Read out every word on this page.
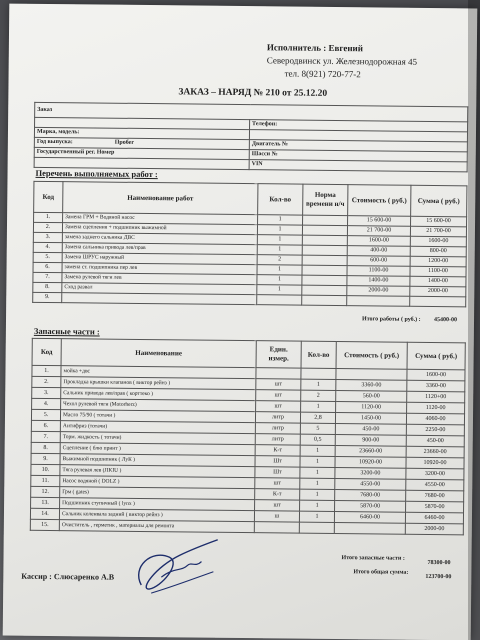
Исполнитель : Евгений
Северодвинск ул. Железнодорожная 45
тел. 8(921) 720-77-2
ЗАКАЗ – НАРЯД № 210 от 25.12.20
Заказ	
	Телефон:
Марка, модель:	
Год выпуска: Пробег	Двигатель №
Государственный рег. Номер	Шасси №
	VIN
Перечень выполняемых работ :
Код	Наименование работ	Кол-во	Норма времени н/ч	Стоимость ( руб.)	Сумма ( руб.)
1.	Замена ГРМ + Водяной насос	1		15 600-00	15 600-00
2.	Замена сцепления + подшипник выжимной	1		21 700-00	21 700-00
3.	замена заднего сальника ДВС	1		1600-00	1600-00
4.	Замена сальника привода лев/прав	1		400-00	800-00
5.	Замена ШРУС наружный	2		600-00	1200-00
6.	замена ст. подшипника пер лев	1		1100-00	1100-00
7.	Замена рулевой тяги лев	1		1400-00	1400-00
8.	Сход развал	1		2000-00	2000-00
9.					
Итого работы ( руб.) : 45400-00
Запасные части :
Код	Наименование	Един. измер.	Кол-во	Стоимость ( руб.)	Сумма ( руб.)
1.	мойка +двс				1600-00
2.	Прокладка крышки клапанов ( виктор рейнз )	шт	1	3360-00	3360-00
3.	Сальник привода лев/прав ( корттеко )	шт	2	560-00	1120+00
4.	Чехол рулевой тяги (Motorherz)	шт	1	1120-00	1120-00
5.	Масло 75/90 ( тотачи )	литр	2,8	1450-00	4060-00
6.	Антифриз (тотачи)	литр	5	450-00	2250-00
7.	Торм. жидкость ( тотачи)	литр	0,5	900-00	450-00
8.	Сцепление ( блю принт )	К-т	1	23660-00	23660-00
9.	Выжимной подшипник ( ЛуК )	Шт	1	10920-00	10920-00
10.	Тяга рулевая лев (JIKIU )	Шт	1	3200-00	3200-00
11.	Насос водяной ( DOLZ )	шт	1	4550-00	4550-00
12.	Грм ( gates)	К-т	1	7680-00	7680-00
13.	Подшипник ступичный ( lynx )	шт	1	5870-00	5870-00
14.	Сальник коленвала задний ( виктор рейнз )	ш	1	6460-00	6460-00
15.	Очиститель , герметик , материалы для ремонта				2000-00
Итого запасные части :
78300-00
Итого общая сумма:
123700-00
Кассир : Слюсаренко А.В
